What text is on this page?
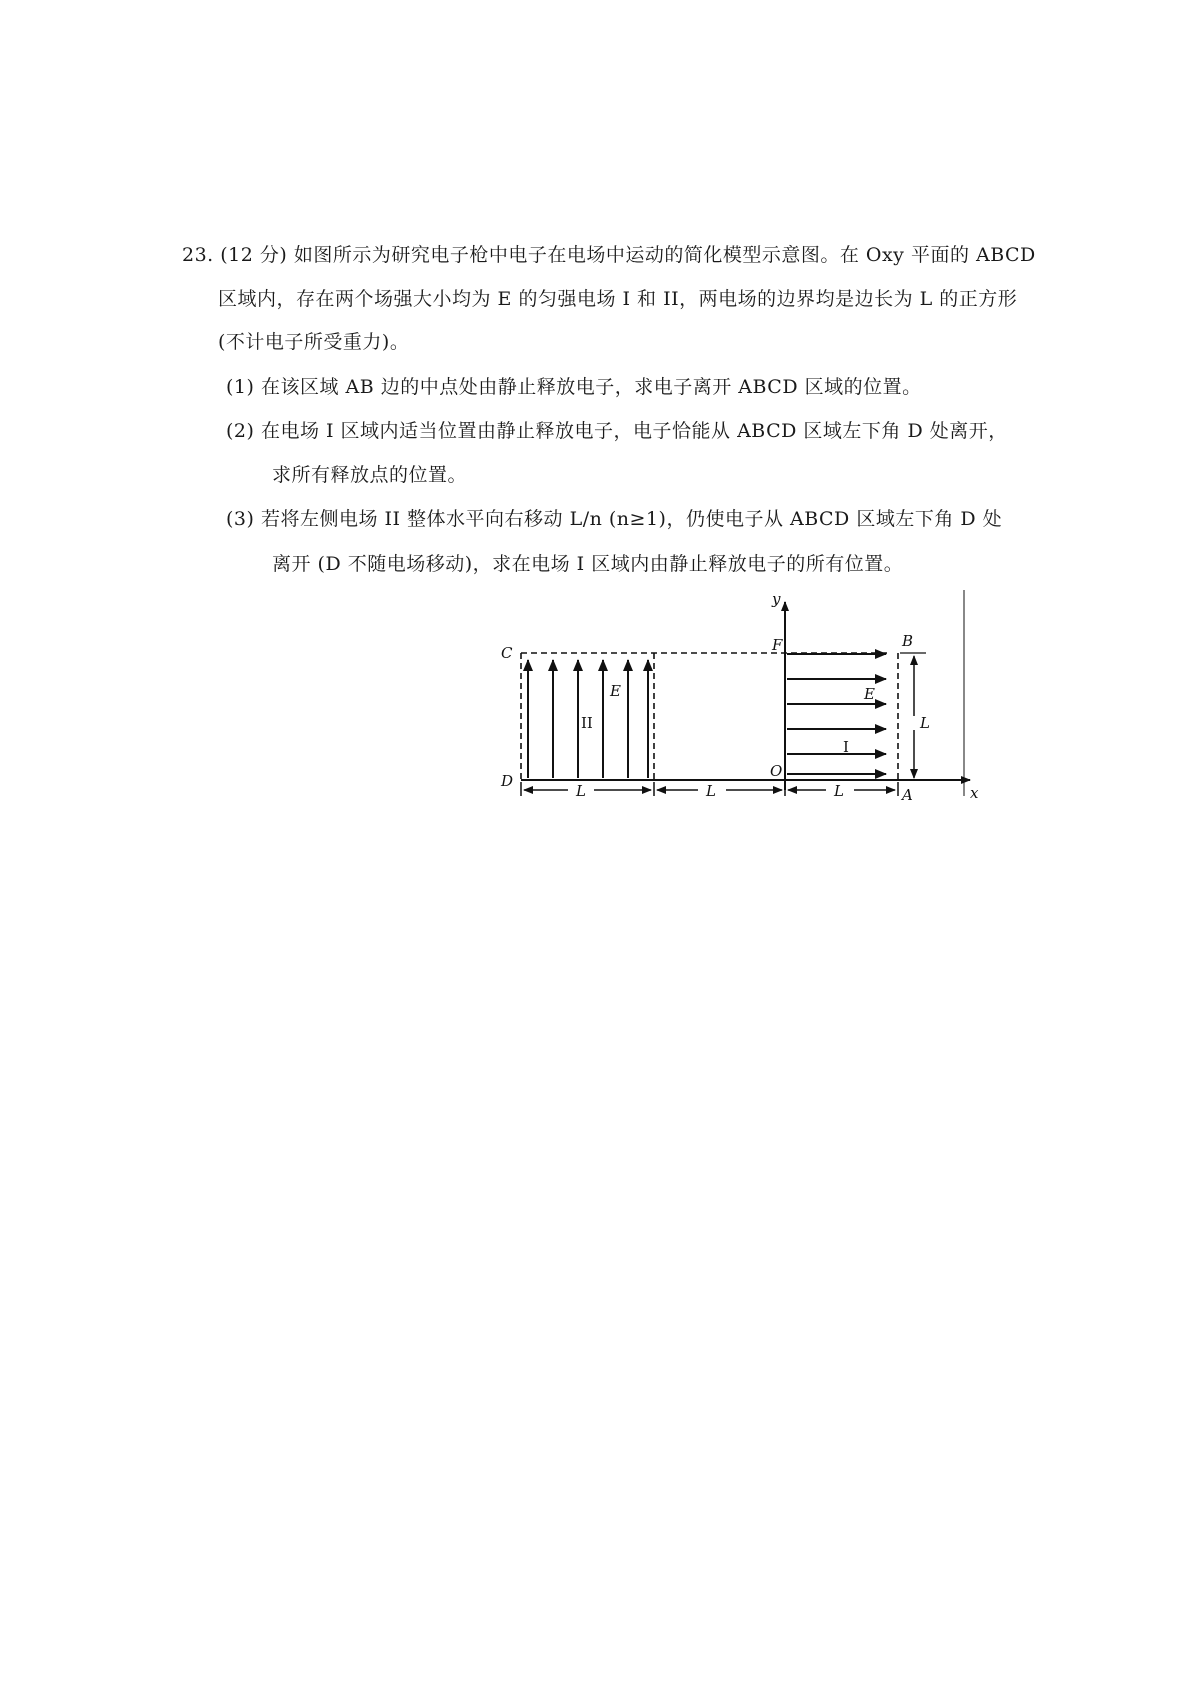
23. (12 分) 如图所示为研究电子枪中电子在电场中运动的简化模型示意图。在 Oxy 平面的 ABCD
区域内，存在两个场强大小均为 E 的匀强电场 I 和 II，两电场的边界均是边长为 L 的正方形
(不计电子所受重力)。
(1) 在该区域 AB 边的中点处由静止释放电子，求电子离开 ABCD 区域的位置。
(2) 在电场 I 区域内适当位置由静止释放电子，电子恰能从 ABCD 区域左下角 D 处离开，
求所有释放点的位置。
(3) 若将左侧电场 II 整体水平向右移动 L/n (n≥1)，仍使电子从 ABCD 区域左下角 D 处
离开 (D 不随电场移动)，求在电场 I 区域内由静止释放电子的所有位置。
y
x
C
D
F
O
B
A
II
I
E	E
L
L	L	L
